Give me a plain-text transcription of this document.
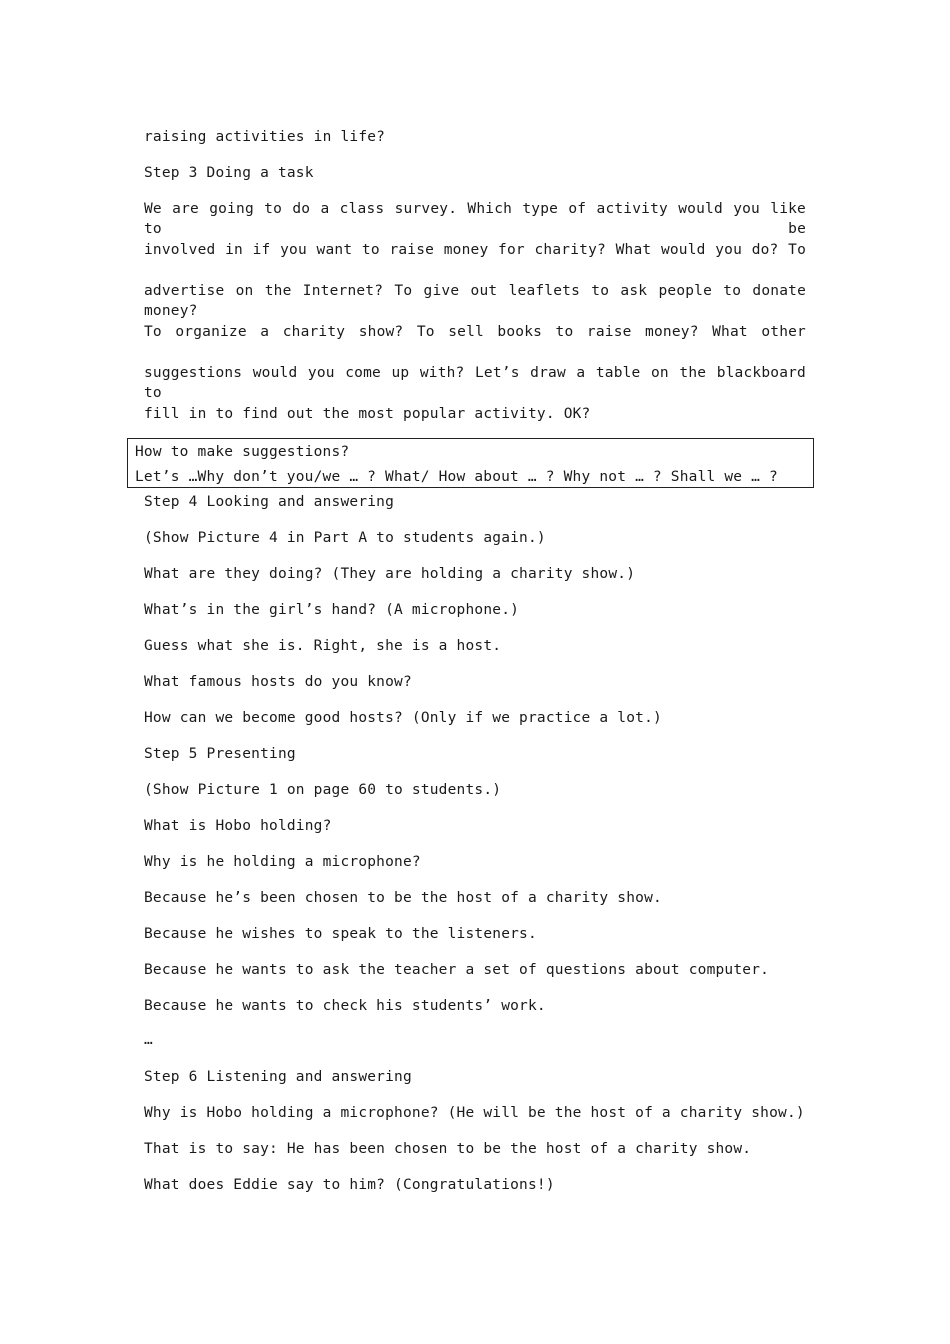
raising activities in life?
Step 3 Doing a task
We are going to do a class survey. Which type of activity would you like to be
involved in if you want to raise money for charity? What would you do? To
advertise on the Internet? To give out leaflets to ask people to donate money?
To organize a charity show? To sell books to raise money? What other
suggestions would you come up with? Let’s draw a table on the blackboard to
fill in to find out the most popular activity. OK?
How to make suggestions?
Let’s …Why don’t you/we … ? What/ How about … ? Why not … ? Shall we … ?
Step 4 Looking and answering
(Show Picture 4 in Part A to students again.)
What are they doing? (They are holding a charity show.)
What’s in the girl’s hand? (A microphone.)
Guess what she is. Right, she is a host.
What famous hosts do you know?
How can we become good hosts? (Only if we practice a lot.)
Step 5 Presenting
(Show Picture 1 on page 60 to students.)
What is Hobo holding?
Why is he holding a microphone?
Because he’s been chosen to be the host of a charity show.
Because he wishes to speak to the listeners.
Because he wants to ask the teacher a set of questions about computer.
Because he wants to check his students’ work.
…
Step 6 Listening and answering
Why is Hobo holding a microphone? (He will be the host of a charity show.)
That is to say: He has been chosen to be the host of a charity show.
What does Eddie say to him? (Congratulations!)
